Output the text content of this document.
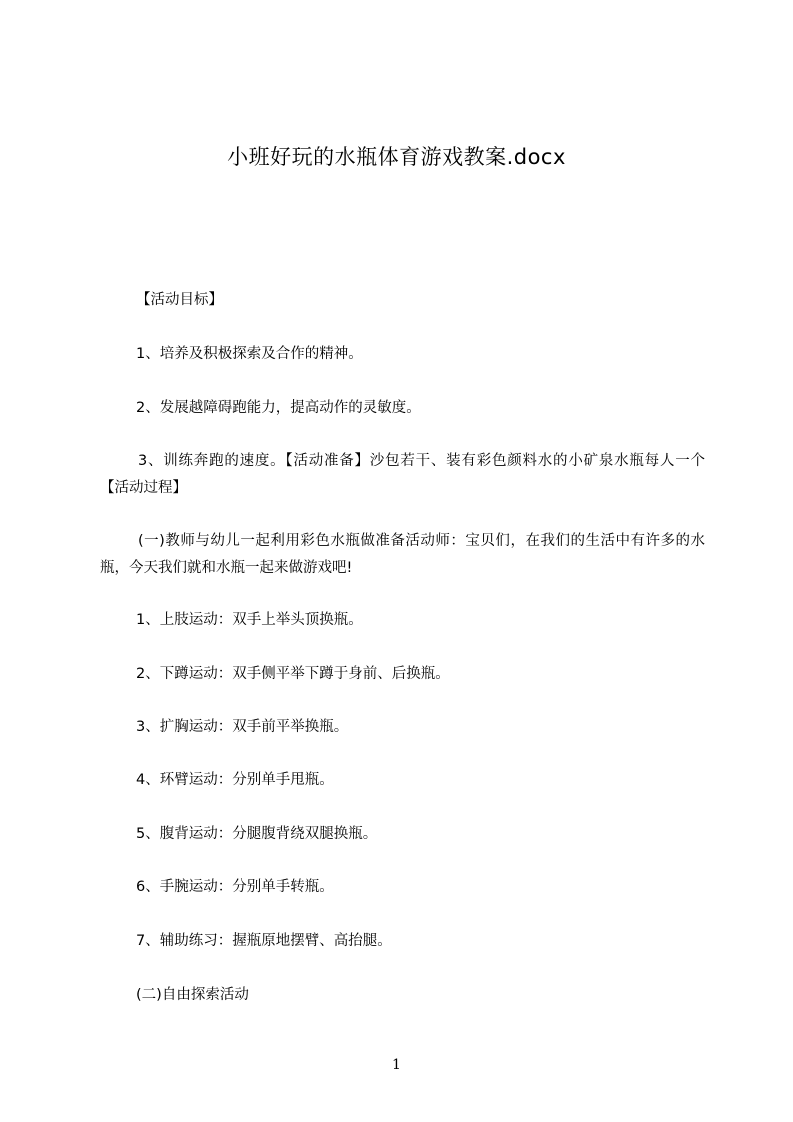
小班好玩的水瓶体育游戏教案.docx
【活动目标】
1、培养及积极探索及合作的精神。
2、发展越障碍跑能力，提高动作的灵敏度。
3、训练奔跑的速度。【活动准备】沙包若干、装有彩色颜料水的小矿泉水瓶每人一个【活动过程】
(一)教师与幼儿一起利用彩色水瓶做准备活动师：宝贝们，在我们的生活中有许多的水瓶，今天我们就和水瓶一起来做游戏吧!
1、上肢运动：双手上举头顶换瓶。
2、下蹲运动：双手侧平举下蹲于身前、后换瓶。
3、扩胸运动：双手前平举换瓶。
4、环臂运动：分别单手甩瓶。
5、腹背运动：分腿腹背绕双腿换瓶。
6、手腕运动：分别单手转瓶。
7、辅助练习：握瓶原地摆臂、高抬腿。
(二)自由探索活动
1
